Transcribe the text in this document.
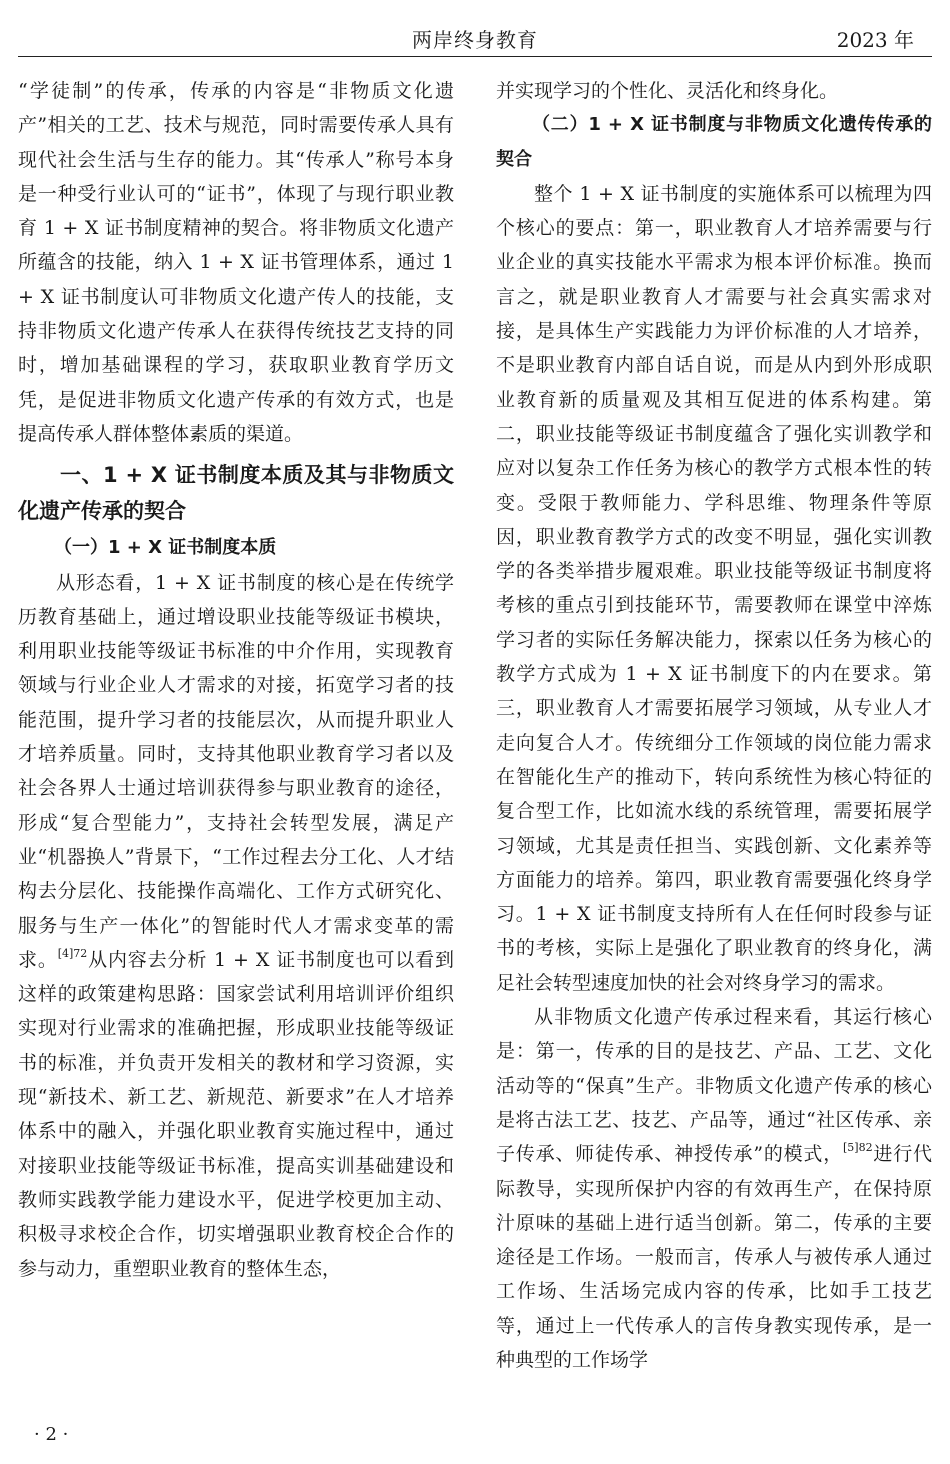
两岸终身教育	2023 年

“学徒制”的传承，传承的内容是“非物质文化遗产”相关的工艺、技术与规范，同时需要传承人具有现代社会生活与生存的能力。其“传承人”称号本身是一种受行业认可的“证书”，体现了与现行职业教育 1 + X 证书制度精神的契合。将非物质文化遗产所蕴含的技能，纳入 1 + X 证书管理体系，通过 1 + X 证书制度认可非物质文化遗产传人的技能，支持非物质文化遗产传承人在获得传统技艺支持的同时，增加基础课程的学习，获取职业教育学历文凭，是促进非物质文化遗产传承的有效方式，也是提高传承人群体整体素质的渠道。

一、1 + X 证书制度本质及其与非物质文化遗产传承的契合

（一）1 + X 证书制度本质

从形态看，1 + X 证书制度的核心是在传统学历教育基础上，通过增设职业技能等级证书模块，利用职业技能等级证书标准的中介作用，实现教育领域与行业企业人才需求的对接，拓宽学习者的技能范围，提升学习者的技能层次，从而提升职业人才培养质量。同时，支持其他职业教育学习者以及社会各界人士通过培训获得参与职业教育的途径，形成“复合型能力”，支持社会转型发展，满足产业“机器换人”背景下，“工作过程去分工化、人才结构去分层化、技能操作高端化、工作方式研究化、服务与生产一体化”的智能时代人才需求变革的需求。$^{[4]72}$从内容去分析 1 + X 证书制度也可以看到这样的政策建构思路：国家尝试利用培训评价组织实现对行业需求的准确把握，形成职业技能等级证书的标准，并负责开发相关的教材和学习资源，实现“新技术、新工艺、新规范、新要求”在人才培养体系中的融入，并强化职业教育实施过程中，通过对接职业技能等级证书标准，提高实训基础建设和教师实践教学能力建设水平，促进学校更加主动、积极寻求校企合作，切实增强职业教育校企合作的参与动力，重塑职业教育的整体生态，

并实现学习的个性化、灵活化和终身化。

（二）1 + X 证书制度与非物质文化遗传传承的契合

整个 1 + X 证书制度的实施体系可以梳理为四个核心的要点：第一，职业教育人才培养需要与行业企业的真实技能水平需求为根本评价标准。换而言之，就是职业教育人才需要与社会真实需求对接，是具体生产实践能力为评价标准的人才培养，不是职业教育内部自话自说，而是从内到外形成职业教育新的质量观及其相互促进的体系构建。第二，职业技能等级证书制度蕴含了强化实训教学和应对以复杂工作任务为核心的教学方式根本性的转变。受限于教师能力、学科思维、物理条件等原因，职业教育教学方式的改变不明显，强化实训教学的各类举措步履艰难。职业技能等级证书制度将考核的重点引到技能环节，需要教师在课堂中淬炼学习者的实际任务解决能力，探索以任务为核心的教学方式成为 1 + X 证书制度下的内在要求。第三，职业教育人才需要拓展学习领域，从专业人才走向复合人才。传统细分工作领域的岗位能力需求在智能化生产的推动下，转向系统性为核心特征的复合型工作，比如流水线的系统管理，需要拓展学习领域，尤其是责任担当、实践创新、文化素养等方面能力的培养。第四，职业教育需要强化终身学习。1 + X 证书制度支持所有人在任何时段参与证书的考核，实际上是强化了职业教育的终身化，满足社会转型速度加快的社会对终身学习的需求。

从非物质文化遗产传承过程来看，其运行核心是：第一，传承的目的是技艺、产品、工艺、文化活动等的“保真”生产。非物质文化遗产传承的核心是将古法工艺、技艺、产品等，通过“社区传承、亲子传承、师徒传承、神授传承”的模式，$^{[5]82}$进行代际教导，实现所保护内容的有效再生产，在保持原汁原味的基础上进行适当创新。第二，传承的主要途径是工作场。一般而言，传承人与被传承人通过工作场、生活场完成内容的传承，比如手工技艺等，通过上一代传承人的言传身教实现传承，是一种典型的工作场学

· 2 ·
